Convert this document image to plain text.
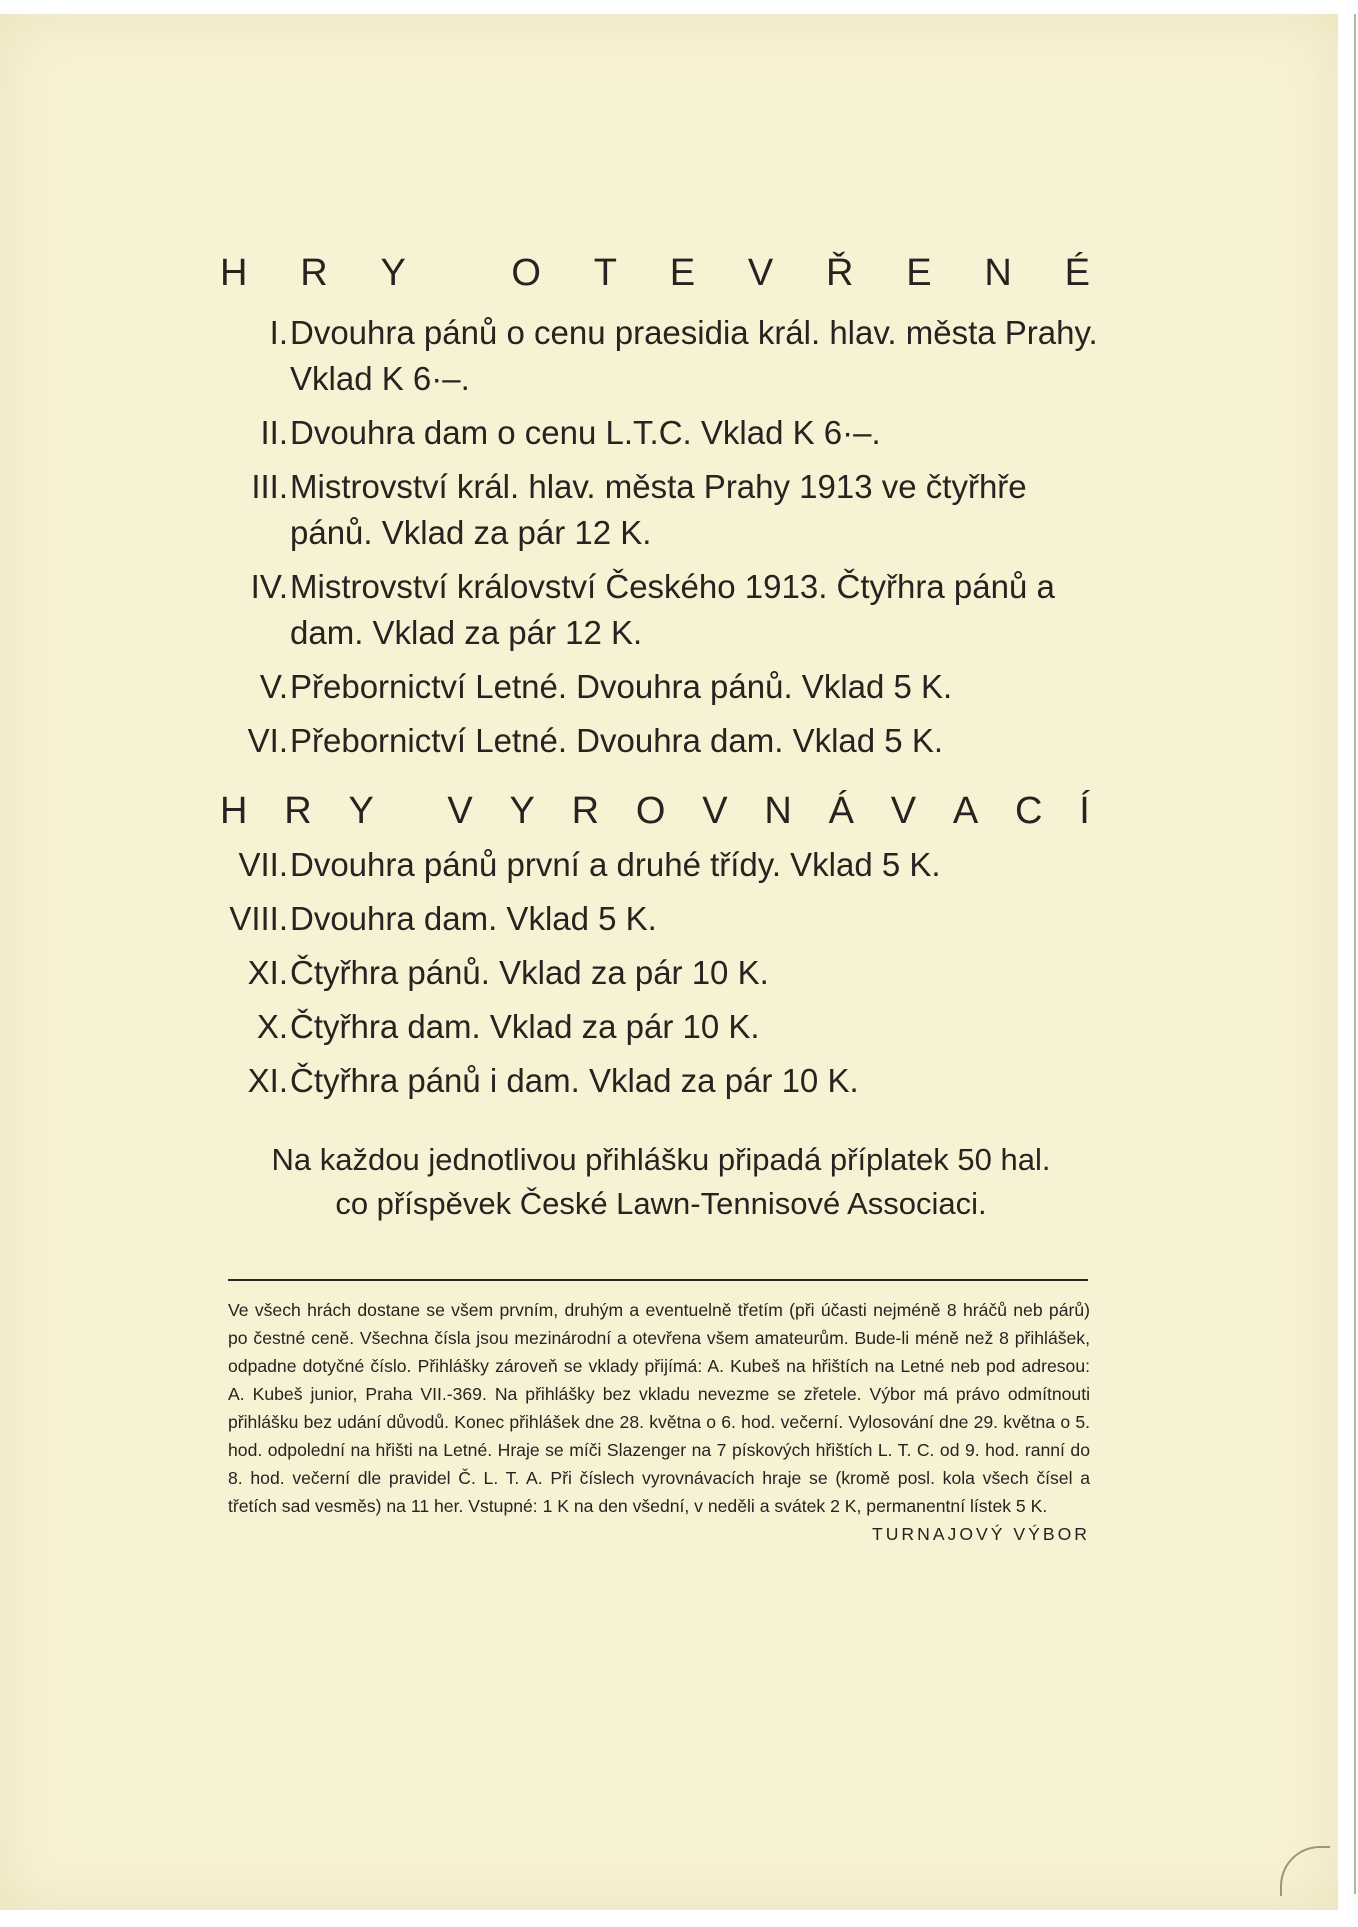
H R Y	O T E V Ř E N É
I. Dvouhra pánů o cenu praesidia král. hlav. města Prahy. Vklad K 6·–.
II. Dvouhra dam o cenu L.T.C. Vklad K 6·–.
III. Mistrovství král. hlav. města Prahy 1913 ve čtyřhře pánů. Vklad za pár 12 K.
IV. Mistrovství království Českého 1913. Čtyřhra pánů a dam. Vklad za pár 12 K.
V. Přebornictví Letné. Dvouhra pánů. Vklad 5 K.
VI. Přebornictví Letné. Dvouhra dam. Vklad 5 K.
H R Y V Y R O V N Á V A C Í
VII. Dvouhra pánů první a druhé třídy. Vklad 5 K.
VIII. Dvouhra dam. Vklad 5 K.
XI. Čtyřhra pánů. Vklad za pár 10 K.
X. Čtyřhra dam. Vklad za pár 10 K.
XI. Čtyřhra pánů i dam. Vklad za pár 10 K.
Na každou jednotlivou přihlášku připadá příplatek 50 hal.
co příspěvek České Lawn-Tennisové Associaci.
Ve všech hrách dostane se všem prvním, druhým a eventuelně třetím (při účasti nejméně 8 hráčů neb párů) po čestné ceně. Všechna čísla jsou mezinárodní a otevřena všem amateurům. Bude-li méně než 8 přihlášek, odpadne dotyčné číslo. Přihlášky zároveň se vklady přijímá: A. Kubeš na hřištích na Letné neb pod adresou: A. Kubeš junior, Praha VII.-369. Na přihlášky bez vkladu nevezme se zřetele. Výbor má právo odmítnouti přihlášku bez udání důvodů. Konec přihlášek dne 28. května o 6. hod. večerní. Vylosování dne 29. května o 5. hod. odpolední na hřišti na Letné. Hraje se míči Slazenger na 7 pískových hřištích L. T. C. od 9. hod. ranní do 8. hod. večerní dle pravidel Č. L. T. A. Při číslech vyrovnávacích hraje se (kromě posl. kola všech čísel a třetích sad vesměs) na 11 her. Vstupné: 1 K na den všední, v neděli a svátek 2 K, permanentní lístek 5 K.
TURNAJOVÝ VÝBOR
